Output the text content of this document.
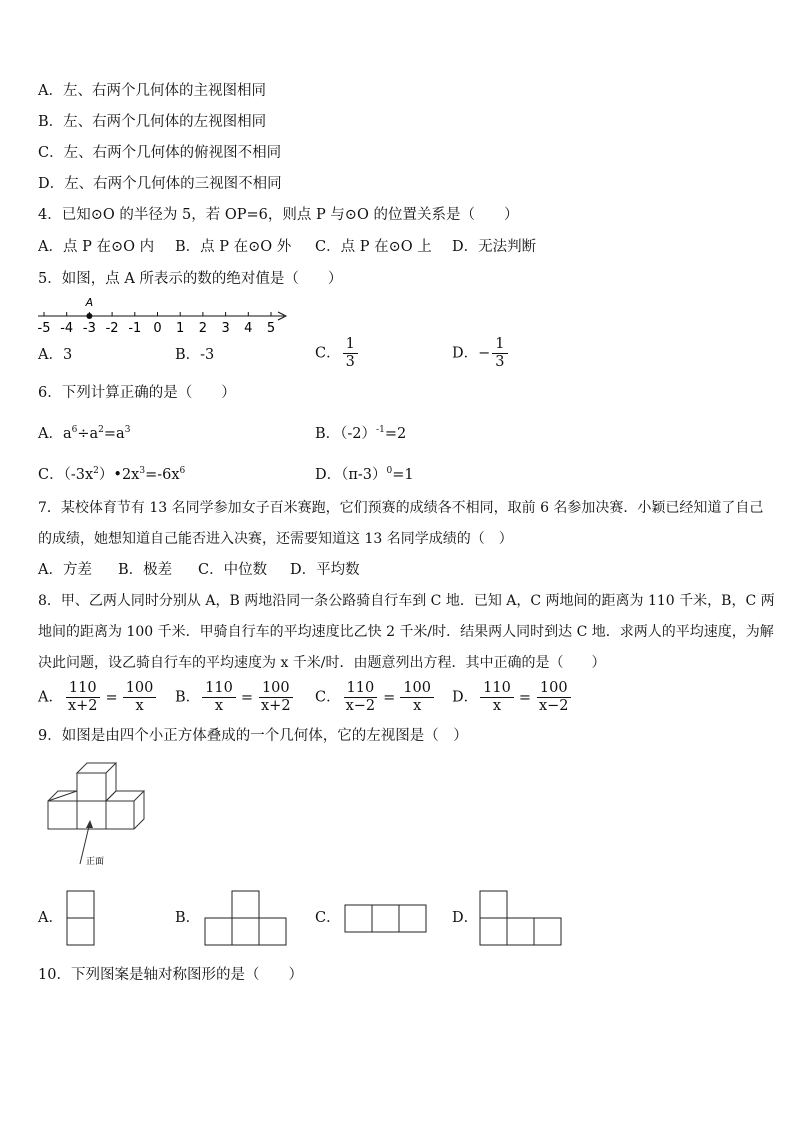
A．左、右两个几何体的主视图相同
B．左、右两个几何体的左视图相同
C．左、右两个几何体的俯视图不相同
D．左、右两个几何体的三视图不相同
4．已知⊙O 的半径为 5，若 OP=6，则点 P 与⊙O 的位置关系是（　　）
A．点 P 在⊙O 内 B．点 P 在⊙O 外 C．点 P 在⊙O 上 D．无法判断
5．如图，点 A 所表示的数的绝对值是（　　）
-5 -4 -3 -2 -1 0 1 2 3 4 5
A
A．3	B．-3	C． $\frac{1}{3}$	D．− $\frac{1}{3}$
6．下列计算正确的是（　　）
A．$a^6\div a^2=a^3$	B．$(-2)^{-1}=2$
C．$(-3x^2)•2x^3=-6x^6$	D．$(\pi-3)^0=1$
7．某校体育节有 13 名同学参加女子百米赛跑，它们预赛的成绩各不相同，取前 6 名参加决赛．小颖已经知道了自己
的成绩，她想知道自己能否进入决赛，还需要知道这 13 名同学成绩的（　）
A．方差 B．极差 C．中位数 D．平均数
8．甲、乙两人同时分别从 A，B 两地沿同一条公路骑自行车到 C 地．已知 A，C 两地间的距离为 110 千米，B，C 两
地间的距离为 100 千米．甲骑自行车的平均速度比乙快 2 千米/时．结果两人同时到达 C 地．求两人的平均速度，为解
决此问题，设乙骑自行车的平均速度为 x 千米/时．由题意列出方程．其中正确的是（　　）
A． $\frac{110}{x+2} = \frac{100}{x}$ B． $\frac{110}{x} = \frac{100}{x+2}$ C． $\frac{110}{x-2} = \frac{100}{x}$ D． $\frac{110}{x} = \frac{100}{x-2}$
9．如图是由四个小正方体叠成的一个几何体，它的左视图是（　）
正面
A．	B．	C．	D．
10．下列图案是轴对称图形的是（　　）
